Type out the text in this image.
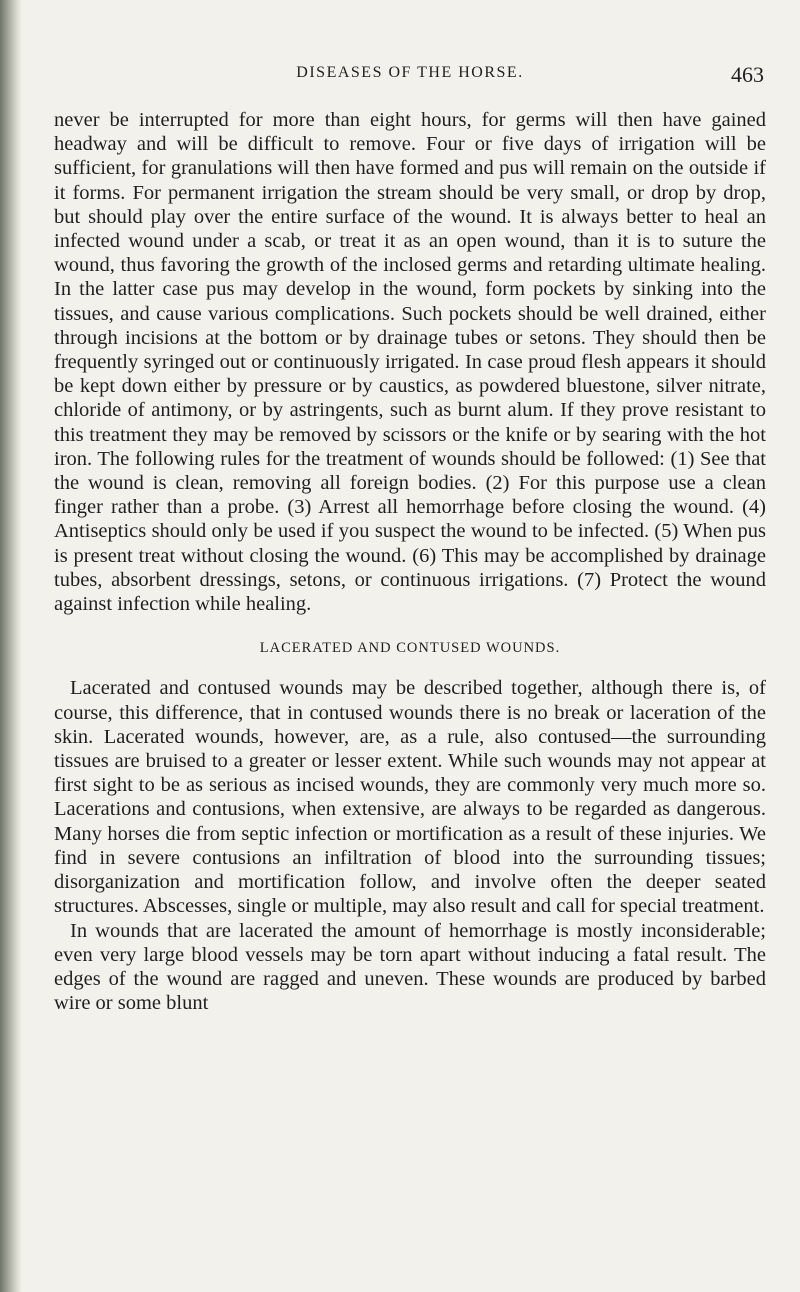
DISEASES OF THE HORSE.	463

never be interrupted for more than eight hours, for germs will then have gained headway and will be difficult to remove. Four or five days of irrigation will be sufficient, for granulations will then have formed and pus will remain on the outside if it forms. For permanent irrigation the stream should be very small, or drop by drop, but should play over the entire surface of the wound. It is always better to heal an infected wound under a scab, or treat it as an open wound, than it is to suture the wound, thus favoring the growth of the inclosed germs and retarding ultimate healing. In the latter case pus may develop in the wound, form pockets by sinking into the tissues, and cause various complications. Such pockets should be well drained, either through incisions at the bottom or by drainage tubes or setons. They should then be frequently syringed out or continuously irrigated. In case proud flesh appears it should be kept down either by pressure or by caustics, as powdered bluestone, silver nitrate, chloride of antimony, or by astringents, such as burnt alum. If they prove resistant to this treatment they may be removed by scissors or the knife or by searing with the hot iron. The following rules for the treatment of wounds should be followed: (1) See that the wound is clean, removing all foreign bodies. (2) For this purpose use a clean finger rather than a probe. (3) Arrest all hemorrhage before closing the wound. (4) Antiseptics should only be used if you suspect the wound to be infected. (5) When pus is present treat without closing the wound. (6) This may be accomplished by drainage tubes, absorbent dressings, setons, or continuous irrigations. (7) Protect the wound against infection while healing.

LACERATED AND CONTUSED WOUNDS.

Lacerated and contused wounds may be described together, although there is, of course, this difference, that in contused wounds there is no break or laceration of the skin. Lacerated wounds, however, are, as a rule, also contused—the surrounding tissues are bruised to a greater or lesser extent. While such wounds may not appear at first sight to be as serious as incised wounds, they are commonly very much more so. Lacerations and contusions, when extensive, are always to be regarded as dangerous. Many horses die from septic infection or mortification as a result of these injuries. We find in severe contusions an infiltration of blood into the surrounding tissues; disorganization and mortification follow, and involve often the deeper seated structures. Abscesses, single or multiple, may also result and call for special treatment.

In wounds that are lacerated the amount of hemorrhage is mostly inconsiderable; even very large blood vessels may be torn apart without inducing a fatal result. The edges of the wound are ragged and uneven. These wounds are produced by barbed wire or some blunt
